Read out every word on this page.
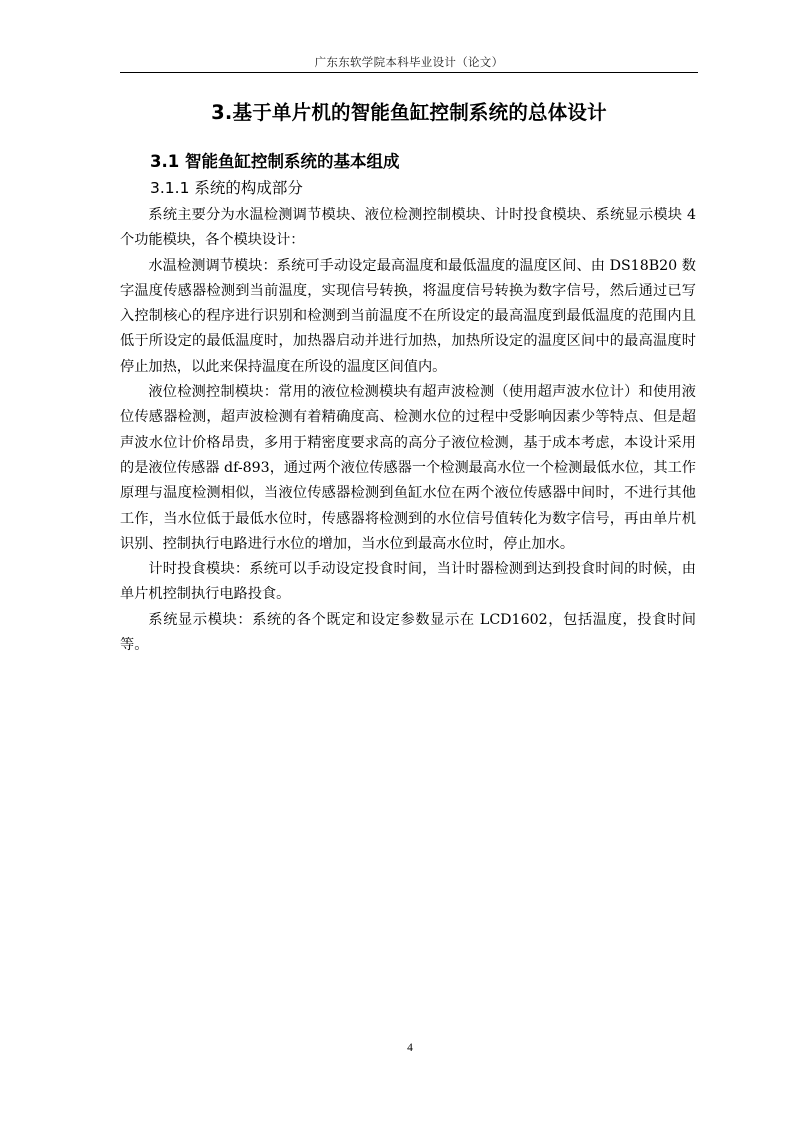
广东东软学院本科毕业设计（论文）
3.基于单片机的智能鱼缸控制系统的总体设计
3.1 智能鱼缸控制系统的基本组成
3.1.1 系统的构成部分

系统主要分为水温检测调节模块、液位检测控制模块、计时投食模块、系统显示模块 4 个功能模块，各个模块设计：

水温检测调节模块：系统可手动设定最高温度和最低温度的温度区间、由 DS18B20 数字温度传感器检测到当前温度，实现信号转换，将温度信号转换为数字信号，然后通过已写入控制核心的程序进行识别和检测到当前温度不在所设定的最高温度到最低温度的范围内且低于所设定的最低温度时，加热器启动并进行加热，加热所设定的温度区间中的最高温度时停止加热，以此来保持温度在所设的温度区间值内。

液位检测控制模块：常用的液位检测模块有超声波检测（使用超声波水位计）和使用液位传感器检测，超声波检测有着精确度高、检测水位的过程中受影响因素少等特点、但是超声波水位计价格昂贵，多用于精密度要求高的高分子液位检测，基于成本考虑，本设计采用的是液位传感器 df-893，通过两个液位传感器一个检测最高水位一个检测最低水位，其工作原理与温度检测相似，当液位传感器检测到鱼缸水位在两个液位传感器中间时，不进行其他工作，当水位低于最低水位时，传感器将检测到的水位信号值转化为数字信号，再由单片机识别、控制执行电路进行水位的增加，当水位到最高水位时，停止加水。

计时投食模块：系统可以手动设定投食时间，当计时器检测到达到投食时间的时候，由单片机控制执行电路投食。

系统显示模块：系统的各个既定和设定参数显示在 LCD1602，包括温度，投食时间等。

4
